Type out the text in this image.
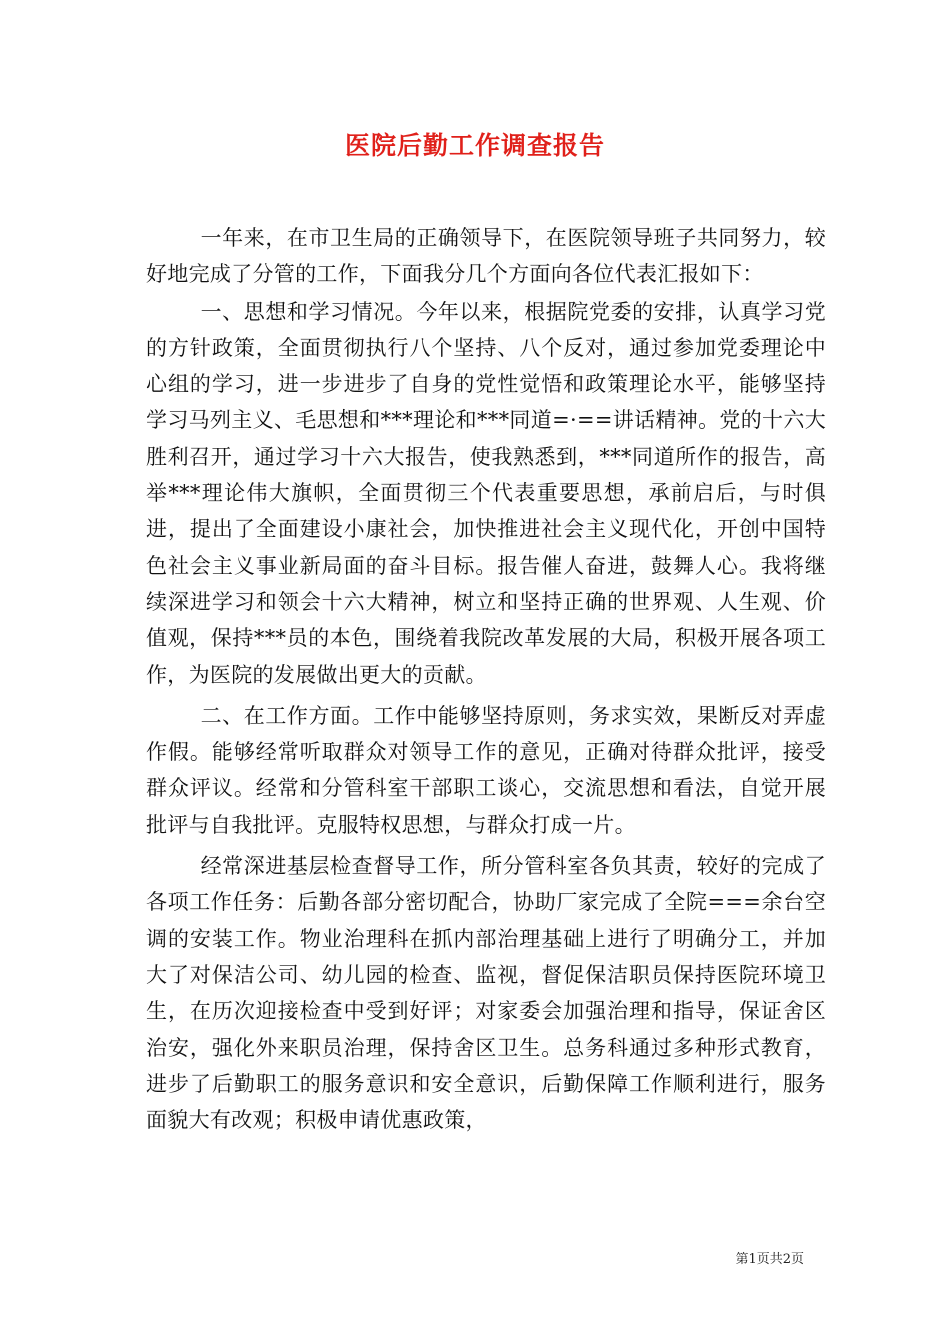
医院后勤工作调查报告

一年来，在市卫生局的正确领导下，在医院领导班子共同努力，较好地完成了分管的工作，下面我分几个方面向各位代表汇报如下：

一、思想和学习情况。今年以来，根据院党委的安排，认真学习党的方针政策，全面贯彻执行八个坚持、八个反对，通过参加党委理论中心组的学习，进一步进步了自身的党性觉悟和政策理论水平，能够坚持学习马列主义、毛思想和***理论和***同道=·==讲话精神。党的十六大胜利召开，通过学习十六大报告，使我熟悉到，***同道所作的报告，高举***理论伟大旗帜，全面贯彻三个代表重要思想，承前启后，与时俱进，提出了全面建设小康社会，加快推进社会主义现代化，开创中国特色社会主义事业新局面的奋斗目标。报告催人奋进，鼓舞人心。我将继续深进学习和领会十六大精神，树立和坚持正确的世界观、人生观、价值观，保持***员的本色，围绕着我院改革发展的大局，积极开展各项工作，为医院的发展做出更大的贡献。

二、在工作方面。工作中能够坚持原则，务求实效，果断反对弄虚作假。能够经常听取群众对领导工作的意见，正确对待群众批评，接受群众评议。经常和分管科室干部职工谈心，交流思想和看法，自觉开展批评与自我批评。克服特权思想，与群众打成一片。

经常深进基层检查督导工作，所分管科室各负其责，较好的完成了各项工作任务：后勤各部分密切配合，协助厂家完成了全院===余台空调的安装工作。物业治理科在抓内部治理基础上进行了明确分工，并加大了对保洁公司、幼儿园的检查、监视，督促保洁职员保持医院环境卫生，在历次迎接检查中受到好评；对家委会加强治理和指导，保证舍区治安，强化外来职员治理，保持舍区卫生。总务科通过多种形式教育，进步了后勤职工的服务意识和安全意识，后勤保障工作顺利进行，服务面貌大有改观；积极申请优惠政策，

第1页共2页
